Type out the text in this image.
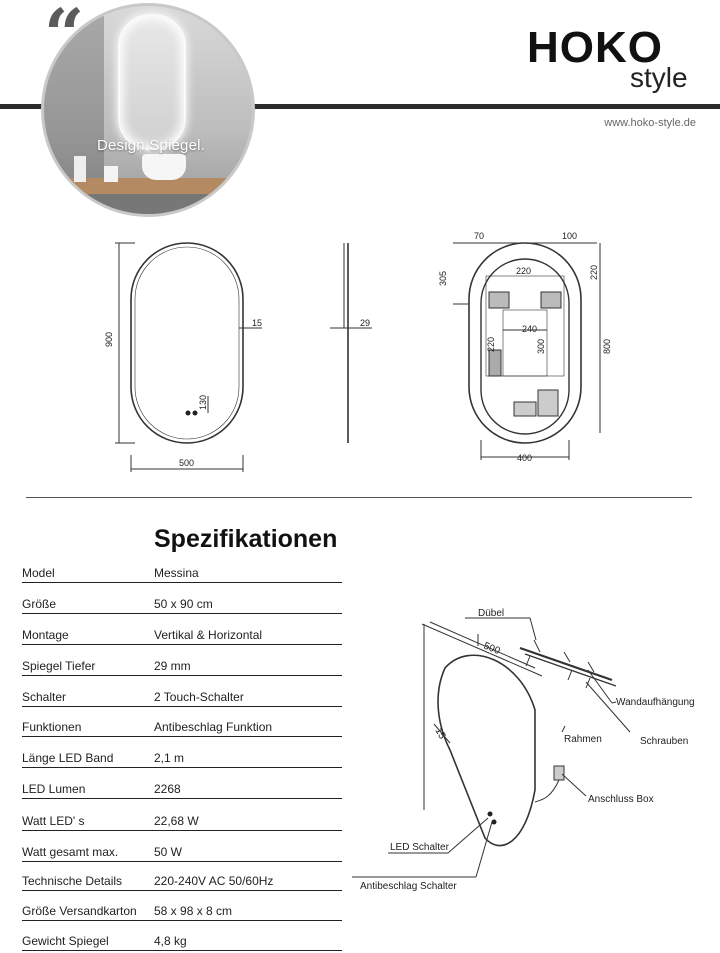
Design Spiegel.
“	HOKO
style
www.hoko-style.de
900
500
15
130
29
70	100
305	220	220
240
220	300	800
400
Spezifikationen
Model	Messina
Größe	50 x 90 cm
Montage	Vertikal & Horizontal
Spiegel Tiefer	29 mm
Schalter	2 Touch-Schalter
Funktionen	Antibeschlag Funktion
Länge LED Band	2,1 m
LED Lumen	2268
Watt LED' s	22,68 W
Watt gesamt max.	50 W
Technische Details	220-240V AC 50/60Hz
Größe Versandkarton 58 x 98 x 8 cm
Gewicht Spiegel	4,8 kg
500
15
Dübel
Wandaufhängung
Rahmen	Schrauben
Anschluss Box
LED Schalter
Antibeschlag Schalter
